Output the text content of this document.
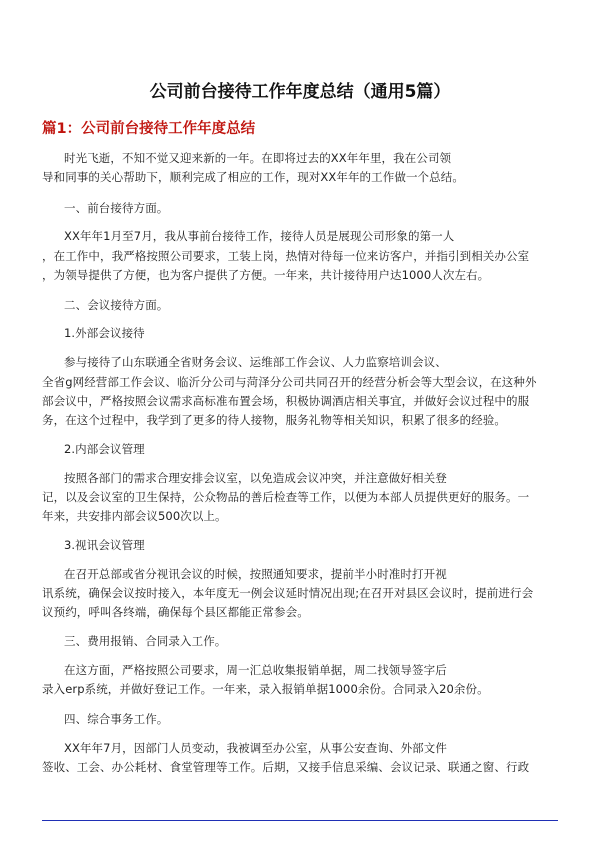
公司前台接待工作年度总结（通用5篇）
篇1：公司前台接待工作年度总结
时光飞逝，不知不觉又迎来新的一年。在即将过去的XX年年里，我在公司领
导和同事的关心帮助下，顺利完成了相应的工作，现对XX年年的工作做一个总结。
一、前台接待方面。
XX年年1月至7月，我从事前台接待工作，接待人员是展现公司形象的第一人
，在工作中，我严格按照公司要求，工装上岗，热情对待每一位来访客户，并指引到相关办公室
，为领导提供了方便，也为客户提供了方便。一年来，共计接待用户达1000人次左右。
二、会议接待方面。
1.外部会议接待
参与接待了山东联通全省财务会议、运维部工作会议、人力监察培训会议、
全省g网经营部工作会议、临沂分公司与菏泽分公司共同召开的经营分析会等大型会议，在这种外
部会议中，严格按照会议需求高标准布置会场，积极协调酒店相关事宜，并做好会议过程中的服
务，在这个过程中，我学到了更多的待人接物，服务礼物等相关知识，积累了很多的经验。
2.内部会议管理
按照各部门的需求合理安排会议室，以免造成会议冲突，并注意做好相关登
记，以及会议室的卫生保持，公众物品的善后检查等工作，以便为本部人员提供更好的服务。一
年来，共安排内部会议500次以上。
3.视讯会议管理
在召开总部或省分视讯会议的时候，按照通知要求，提前半小时准时打开视
讯系统，确保会议按时接入，本年度无一例会议延时情况出现;在召开对县区会议时，提前进行会
议预约，呼叫各终端，确保每个县区都能正常参会。
三、费用报销、合同录入工作。
在这方面，严格按照公司要求，周一汇总收集报销单据，周二找领导签字后
录入erp系统，并做好登记工作。一年来，录入报销单据1000余份。合同录入20余份。
四、综合事务工作。
XX年年7月，因部门人员变动，我被调至办公室，从事公安查询、外部文件
签收、工会、办公耗材、食堂管理等工作。后期，又接手信息采编、会议记录、联通之窗、行政
